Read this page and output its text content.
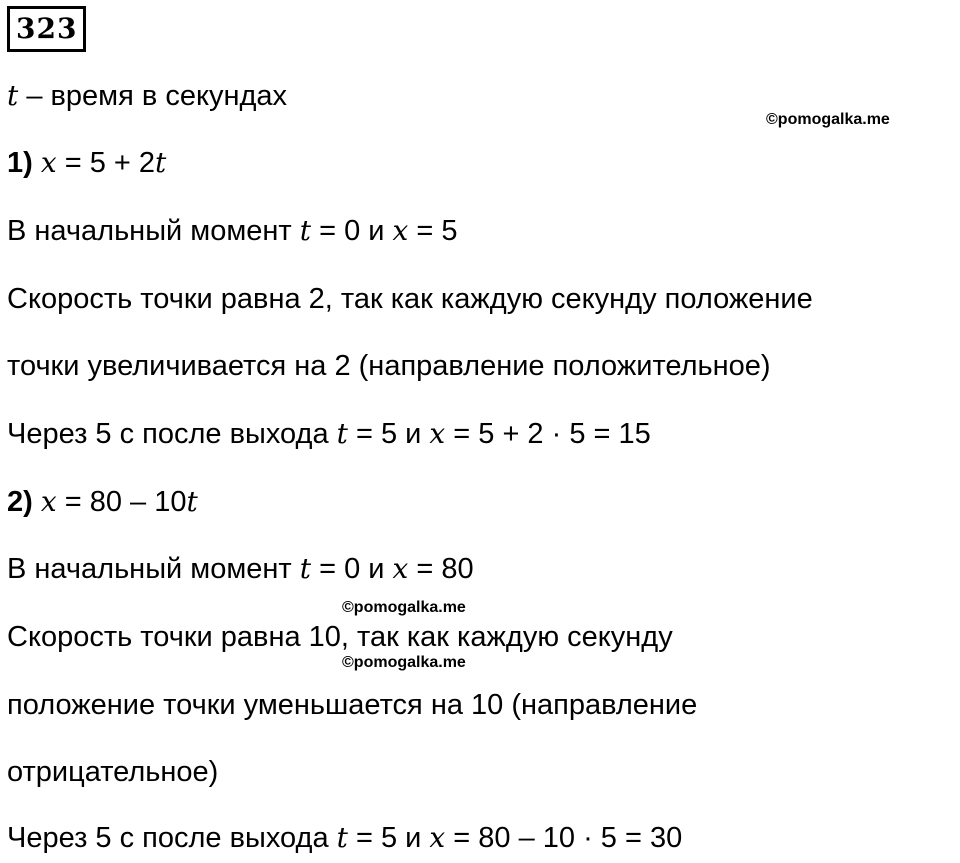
323
©pomogalka.me
©pomogalka.me
©pomogalka.me
t – время в секундах
1) x = 5 + 2t
В начальный момент t = 0 и x = 5
Скорость точки равна 2, так как каждую секунду положение
точки увеличивается на 2 (направление положительное)
Через 5 с после выхода t = 5 и x = 5 + 2 · 5 = 15
2) x = 80 – 10t
В начальный момент t = 0 и x = 80
Скорость точки равна 10, так как каждую секунду
положение точки уменьшается на 10 (направление
отрицательное)
Через 5 с после выхода t = 5 и x = 80 – 10 · 5 = 30
